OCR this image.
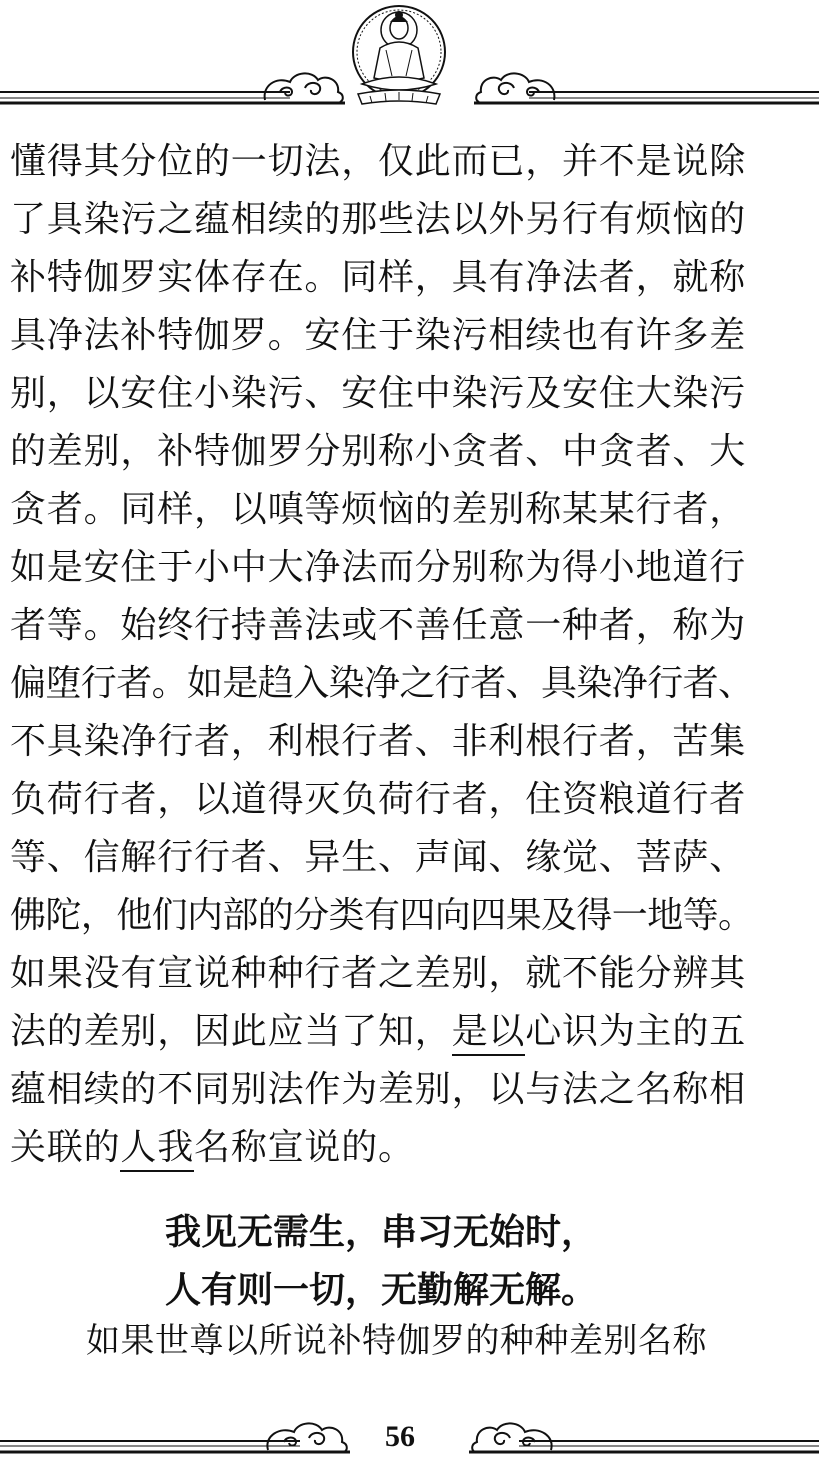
懂得其分位的一切法，仅此而已，并不是说除
了具染污之蕴相续的那些法以外另行有烦恼的
补特伽罗实体存在。同样，具有净法者，就称
具净法补特伽罗。安住于染污相续也有许多差
别，以安住小染污、安住中染污及安住大染污
的差别，补特伽罗分别称小贪者、中贪者、大
贪者。同样，以嗔等烦恼的差别称某某行者，
如是安住于小中大净法而分别称为得小地道行
者等。始终行持善法或不善任意一种者，称为
偏堕行者。如是趋入染净之行者、具染净行者、
不具染净行者，利根行者、非利根行者，苦集
负荷行者，以道得灭负荷行者，住资粮道行者
等、信解行行者、异生、声闻、缘觉、菩萨、
佛陀，他们内部的分类有四向四果及得一地等。
如果没有宣说种种行者之差别，就不能分辨其
法的差别，因此应当了知，是以心识为主的五
蕴相续的不同别法作为差别，以与法之名称相
关联的人我名称宣说的。
我见无需生，串习无始时，
人有则一切，无勤解无解。
如果世尊以所说补特伽罗的种种差别名称
56
